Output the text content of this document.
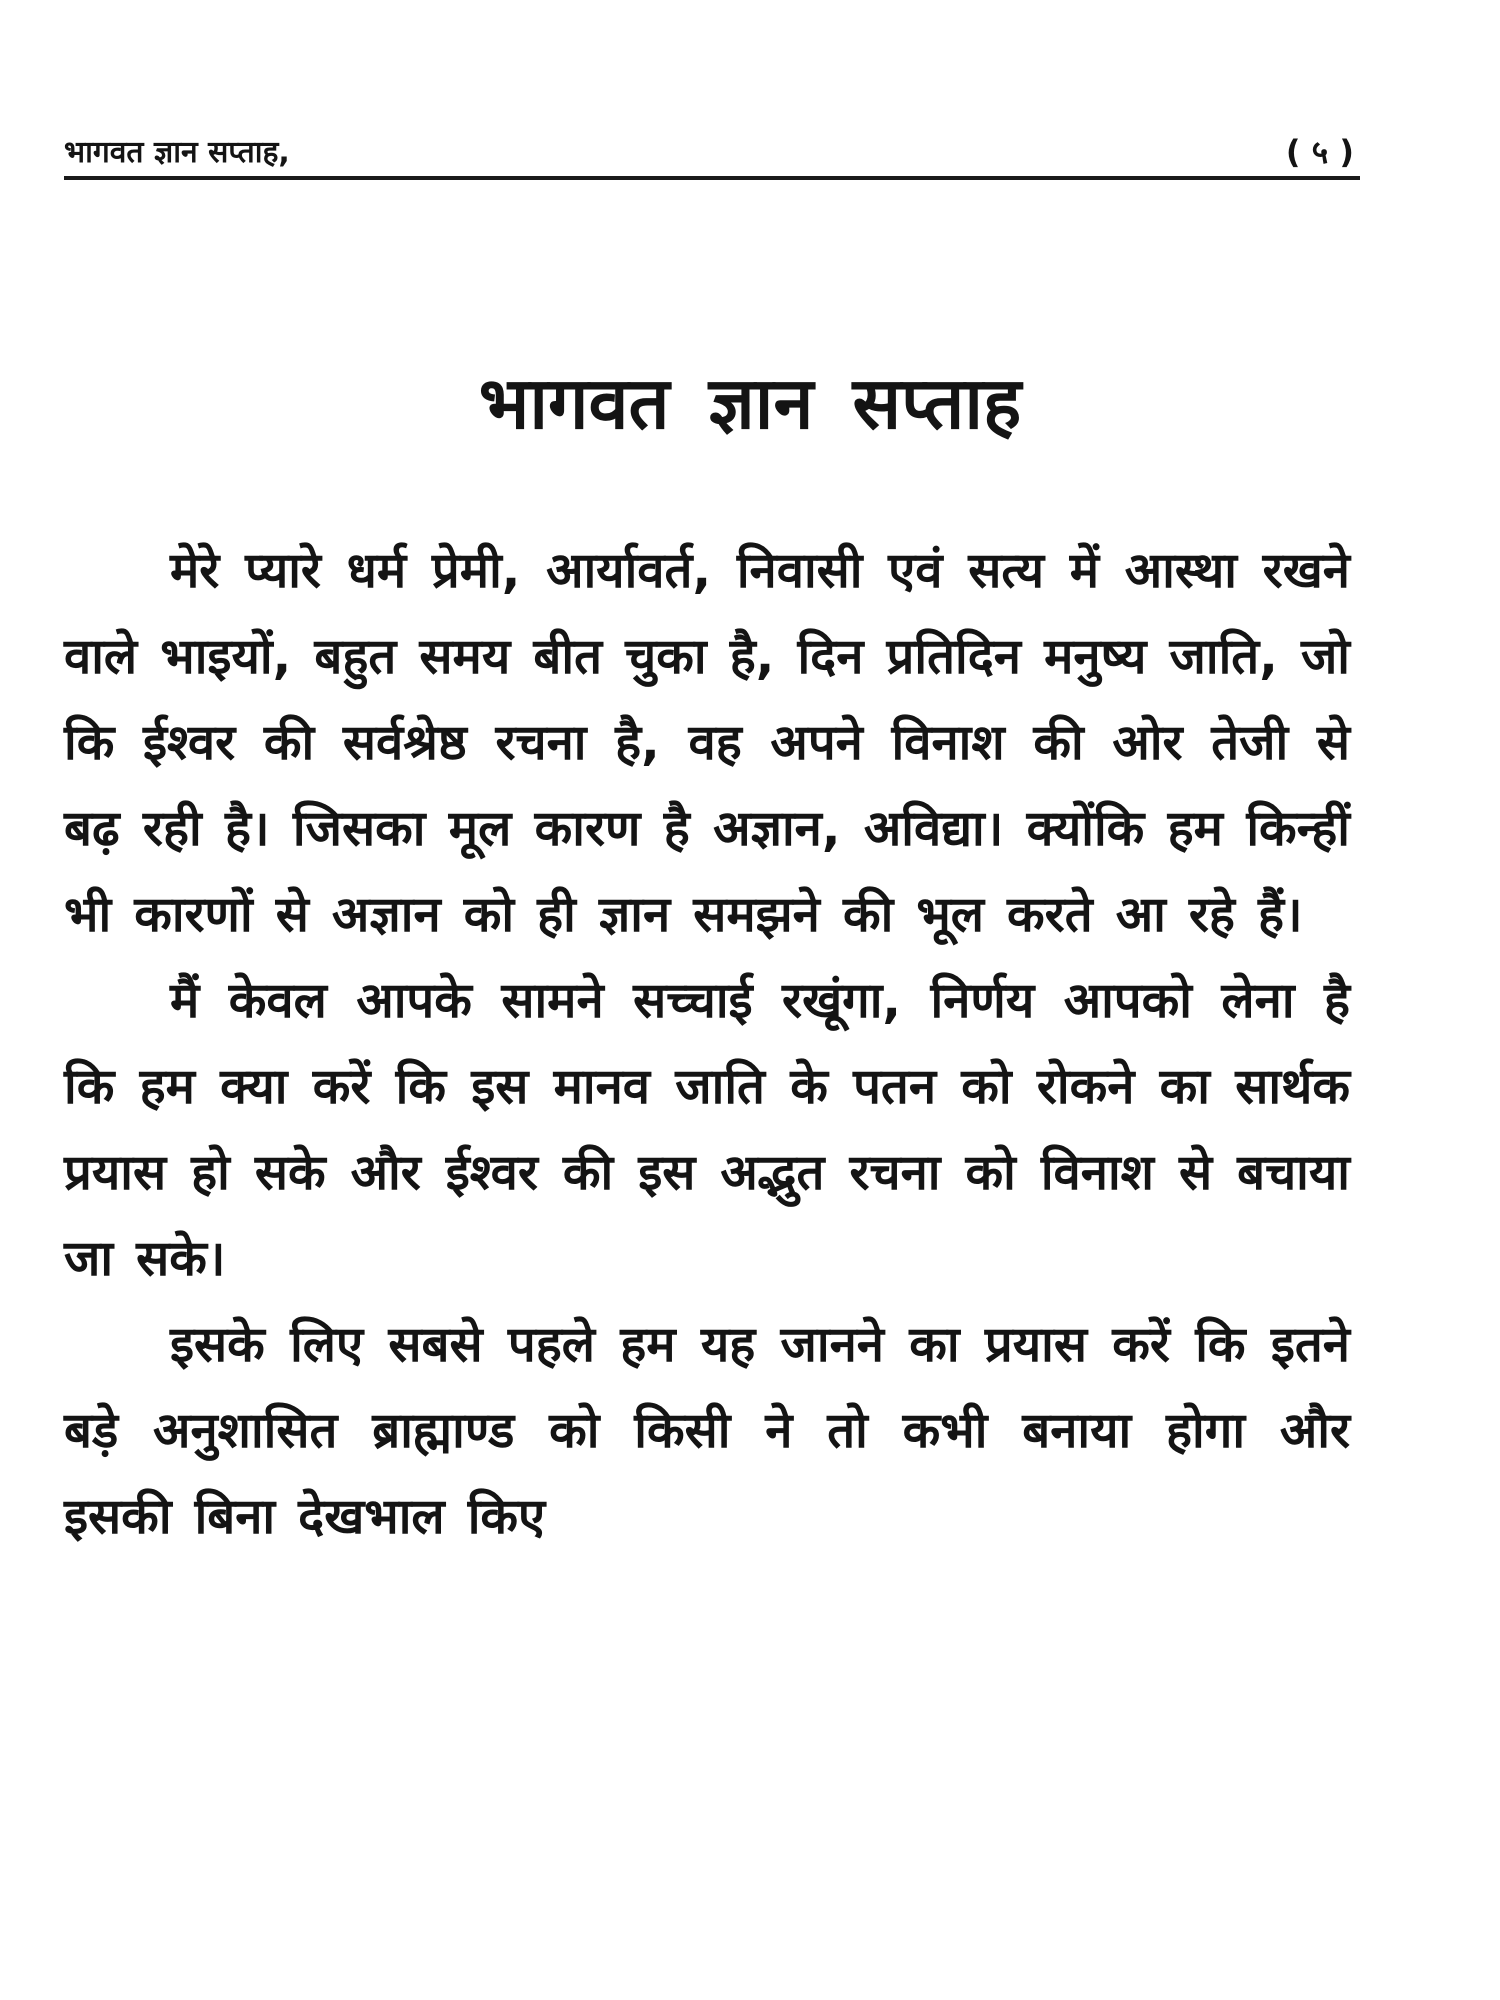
भागवत ज्ञान सप्ताह,	( ५ )
भागवत ज्ञान सप्ताह

मेरे प्यारे धर्म प्रेमी, आर्यावर्त, निवासी एवं सत्य में आस्था रखने वाले भाइयों, बहुत समय बीत चुका है, दिन प्रतिदिन मनुष्य जाति, जो कि ईश्वर की सर्वश्रेष्ठ रचना है, वह अपने विनाश की ओर तेजी से बढ़ रही है। जिसका मूल कारण है अज्ञान, अविद्या। क्योंकि हम किन्हीं भी कारणों से अज्ञान को ही ज्ञान समझने की भूल करते आ रहे हैं।

मैं केवल आपके सामने सच्चाई रखूंगा, निर्णय आपको लेना है कि हम क्या करें कि इस मानव जाति के पतन को रोकने का सार्थक प्रयास हो सके और ईश्वर की इस अद्भुत रचना को विनाश से बचाया जा सके।

इसके लिए सबसे पहले हम यह जानने का प्रयास करें कि इतने बड़े अनुशासित ब्राह्माण्ड को किसी ने तो कभी बनाया होगा और इसकी बिना देखभाल किए
